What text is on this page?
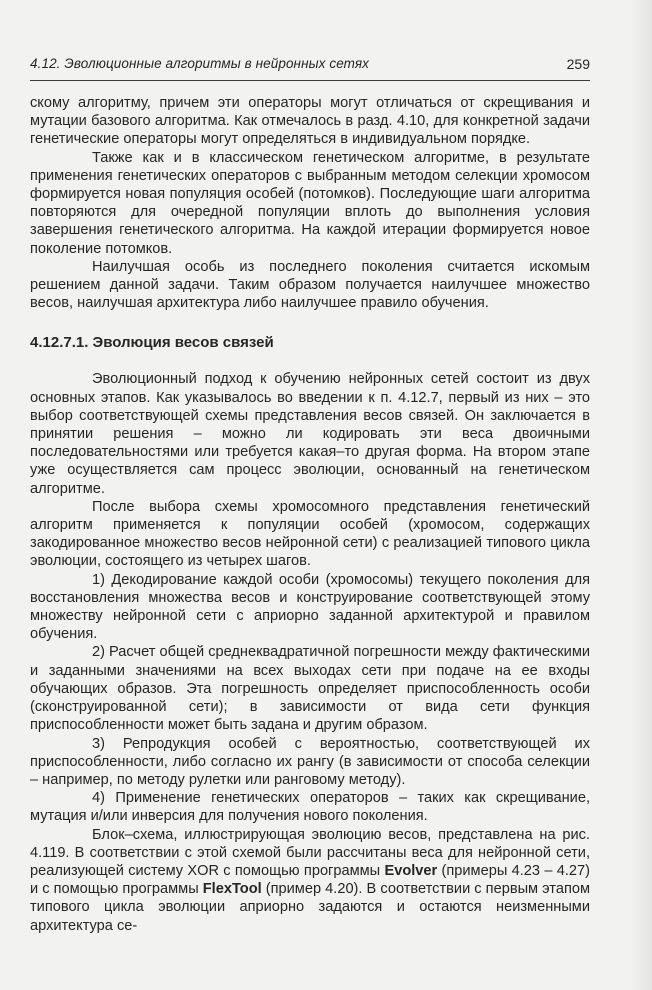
4.12. Эволюционные алгоритмы в нейронных сетях	259

скому алгоритму, причем эти операторы могут отличаться от скрещивания и мутации базового алгоритма. Как отмечалось в разд. 4.10, для конкретной задачи генетические операторы могут определяться в индивидуальном порядке.

Также как и в классическом генетическом алгоритме, в результате применения генетических операторов с выбранным методом селекции хромосом формируется новая популяция особей (потомков). Последующие шаги алгоритма повторяются для очередной популяции вплоть до выполнения условия завершения генетического алгоритма. На каждой итерации формируется новое поколение потомков.

Наилучшая особь из последнего поколения считается искомым решением данной задачи. Таким образом получается наилучшее множество весов, наилучшая архитектура либо наилучшее правило обучения.

4.12.7.1. Эволюция весов связей

Эволюционный подход к обучению нейронных сетей состоит из двух основных этапов. Как указывалось во введении к п. 4.12.7, первый из них – это выбор соответствующей схемы представления весов связей. Он заключается в принятии решения – можно ли кодировать эти веса двоичными последовательностями или требуется какая–то другая форма. На втором этапе уже осуществляется сам процесс эволюции, основанный на генетическом алгоритме.

После выбора схемы хромосомного представления генетический алгоритм применяется к популяции особей (хромосом, содержащих закодированное множество весов нейронной сети) с реализацией типового цикла эволюции, состоящего из четырех шагов.

1) Декодирование каждой особи (хромосомы) текущего поколения для восстановления множества весов и конструирование соответствующей этому множеству нейронной сети с априорно заданной архитектурой и правилом обучения.

2) Расчет общей среднеквадратичной погрешности между фактическими и заданными значениями на всех выходах сети при подаче на ее входы обучающих образов. Эта погрешность определяет приспособленность особи (сконструированной сети); в зависимости от вида сети функция приспособленности может быть задана и другим образом.

3) Репродукция особей с вероятностью, соответствующей их приспособленности, либо согласно их рангу (в зависимости от способа селекции – например, по методу рулетки или ранговому методу).

4) Применение генетических операторов – таких как скрещивание, мутация и/или инверсия для получения нового поколения.

Блок–схема, иллюстрирующая эволюцию весов, представлена на рис. 4.119. В соответствии с этой схемой были рассчитаны веса для нейронной сети, реализующей систему XOR с помощью программы Evolver (примеры 4.23 – 4.27) и с помощью программы FlexTool (пример 4.20). В соответствии с первым этапом типового цикла эволюции априорно задаются и остаются неизменными архитектура се-
